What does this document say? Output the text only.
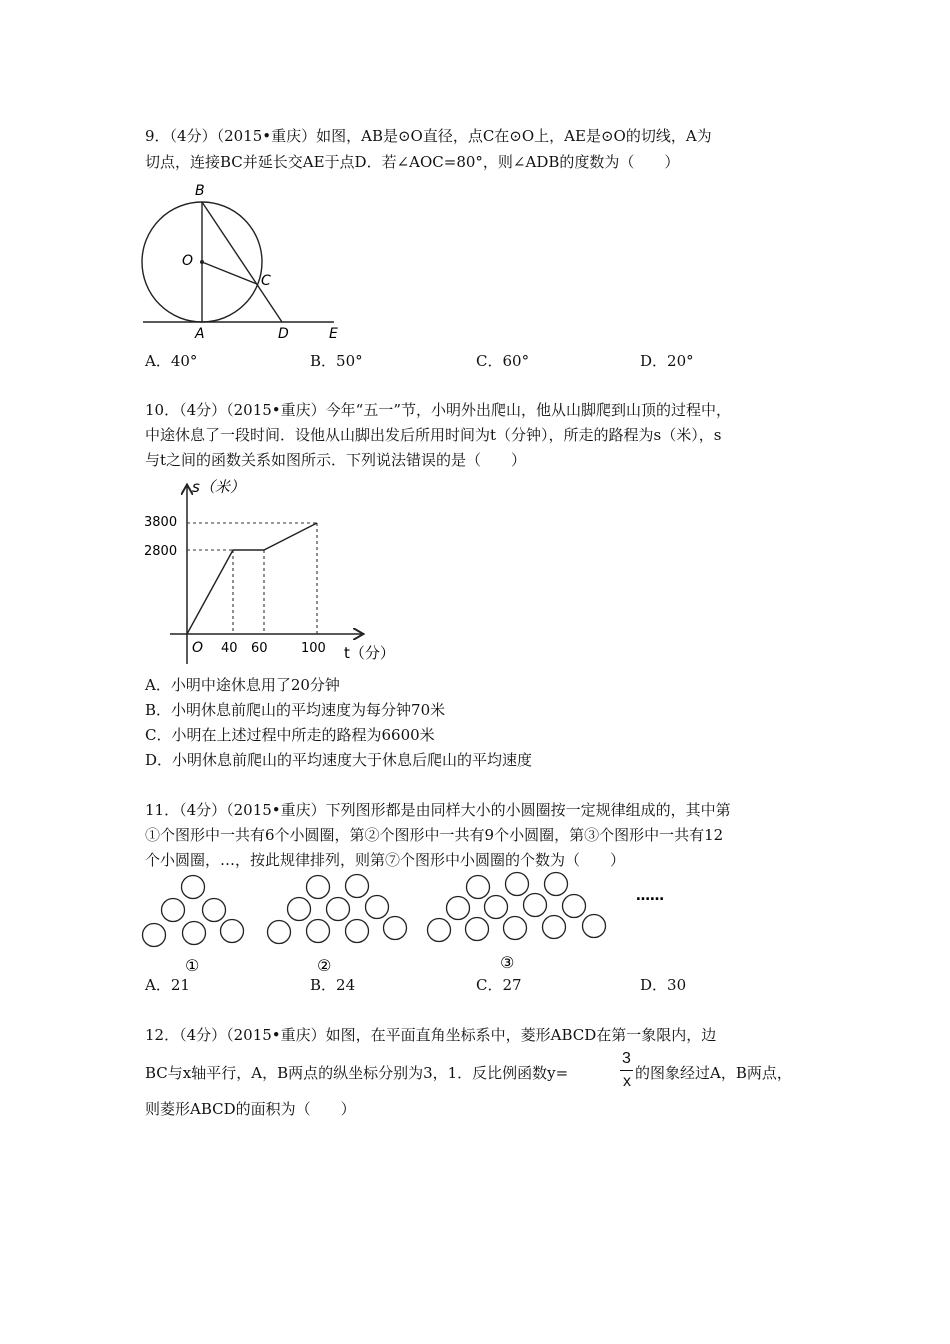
9．（4分）（2015•重庆）如图，AB是⊙O直径，点C在⊙O上，AE是⊙O的切线，A为
切点，连接BC并延长交AE于点D．若∠AOC=80°，则∠ADB的度数为（　　）
B
O
C
A	D	E
A．40°	B．50°	C．60°	D．20°
10．（4分）（2015•重庆）今年“五一”节，小明外出爬山，他从山脚爬到山顶的过程中，
中途休息了一段时间．设他从山脚出发后所用时间为t（分钟），所走的路程为s（米），s
与t之间的函数关系如图所示．下列说法错误的是（　　）
s（米）
t（分）
O
3800
2800
40 60	100
A．小明中途休息用了20分钟
B．小明休息前爬山的平均速度为每分钟70米
C．小明在上述过程中所走的路程为6600米
D．小明休息前爬山的平均速度大于休息后爬山的平均速度
11．（4分）（2015•重庆）下列图形都是由同样大小的小圆圈按一定规律组成的，其中第
①个图形中一共有6个小圆圈，第②个图形中一共有9个小圆圈，第③个图形中一共有12
个小圆圈，…，按此规律排列，则第⑦个图形中小圆圈的个数为（　　）
……
①	②	③
A．21	B．24	C．27	D．30
12．（4分）（2015•重庆）如图，在平面直角坐标系中，菱形ABCD在第一象限内，边
BC与x轴平行，A，B两点的纵坐标分别为3，1．反比例函数y=
3
x 的图象经过A，B两点，
则菱形ABCD的面积为（　　）
